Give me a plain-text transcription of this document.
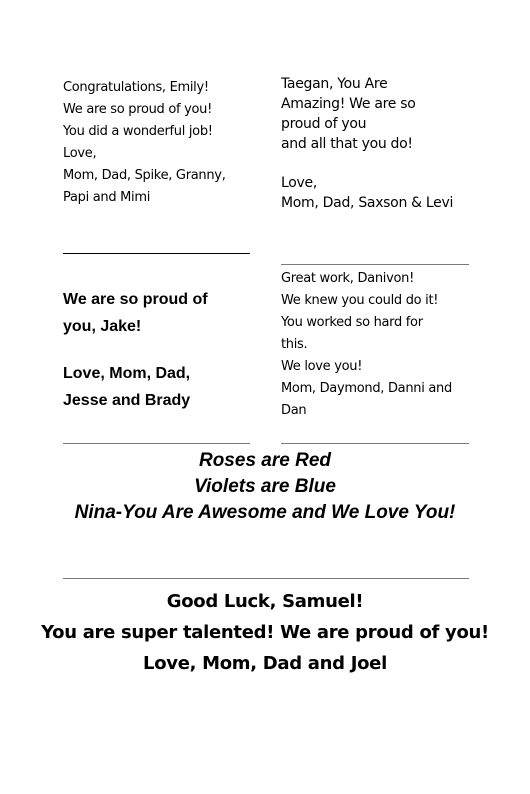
Congratulations, Emily!

We are so proud of you!

You did a wonderful job!

Love,

Mom, Dad, Spike, Granny,

Papi and Mimi

Taegan, You Are

Amazing! We are so

proud of you

and all that you do!

Love,

Mom, Dad, Saxson & Levi

We are so proud of

you, Jake!

Love, Mom, Dad,

Jesse and Brady

Great work, Danivon!

We knew you could do it!

You worked so hard for

this.

We love you!

Mom, Daymond, Danni and

Dan

Roses are Red

Violets are Blue

Nina-You Are Awesome and We Love You!

Good Luck, Samuel!

You are super talented! We are proud of you!

Love, Mom, Dad and Joel
